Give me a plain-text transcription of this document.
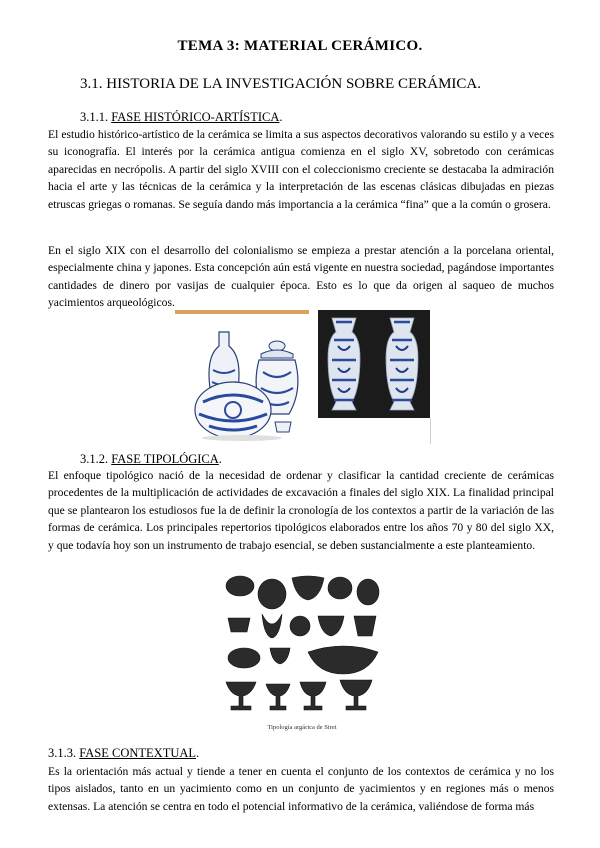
TEMA 3: MATERIAL CERÁMICO.
3.1. HISTORIA DE LA INVESTIGACIÓN SOBRE CERÁMICA.
3.1.1. FASE HISTÓRICO-ARTÍSTICA.

El estudio histórico-artístico de la cerámica se limita a sus aspectos decorativos valorando su estilo y a veces su iconografía. El interés por la cerámica antigua comienza en el siglo XV, sobretodo con cerámicas aparecidas en necrópolis. A partir del siglo XVIII con el coleccionismo creciente se destacaba la admiración hacia el arte y las técnicas de la cerámica y la interpretación de las escenas clásicas dibujadas en piezas etruscas griegas o romanas. Se seguía dando más importancia a la cerámica “fina” que a la común o grosera.

En el siglo XIX con el desarrollo del colonialismo se empieza a prestar atención a la porcelana oriental, especialmente china y japones. Esta concepción aún está vigente en nuestra sociedad, pagándose importantes cantidades de dinero por vasijas de cualquier época. Esto es lo que da origen al saqueo de muchos yacimientos arqueológicos.

3.1.2. FASE TIPOLÓGICA.

El enfoque tipológico nació de la necesidad de ordenar y clasificar la cantidad creciente de cerámicas procedentes de la multiplicación de actividades de excavación a finales del siglo XIX. La finalidad principal que se plantearon los estudiosos fue la de definir la cronología de los contextos a partir de la variación de las formas de cerámica. Los principales repertorios tipológicos elaborados entre los años 70 y 80 del siglo XX, y que todavía hoy son un instrumento de trabajo esencial, se deben sustancialmente a este planteamiento.

Tipología argárica de Siret
3.1.3. FASE CONTEXTUAL.

Es la orientación más actual y tiende a tener en cuenta el conjunto de los contextos de cerámica y no los tipos aislados, tanto en un yacimiento como en un conjunto de yacimientos y en regiones más o menos extensas. La atención se centra en todo el potencial informativo de la cerámica, valiéndose de forma más
